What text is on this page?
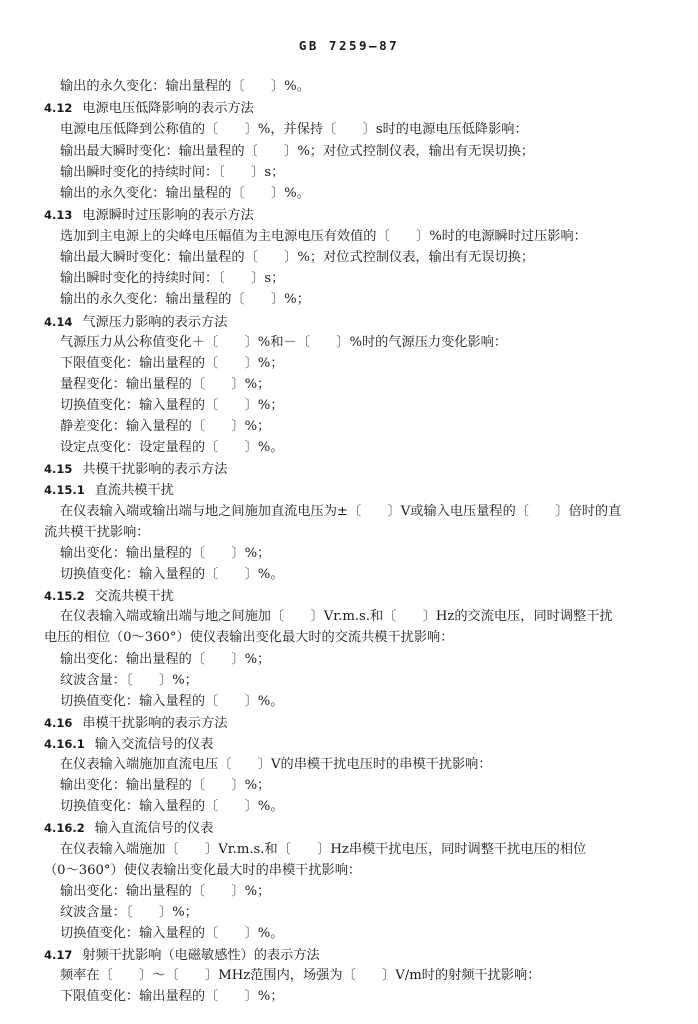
GB 7259—87
输出的永久变化：输出量程的〔　　〕%。
4.12 电源电压低降影响的表示方法
电源电压低降到公称值的〔　　〕%，并保持〔　　〕s时的电源电压低降影响：
输出最大瞬时变化：输出量程的〔　　〕%；对位式控制仪表，输出有无误切换；
输出瞬时变化的持续时间：〔　　〕s；
输出的永久变化：输出量程的〔　　〕%。
4.13 电源瞬时过压影响的表示方法
选加到主电源上的尖峰电压幅值为主电源电压有效值的〔　　〕%时的电源瞬时过压影响：
输出最大瞬时变化：输出量程的〔　　〕%；对位式控制仪表，输出有无误切换；
输出瞬时变化的持续时间：〔　　〕s；
输出的永久变化：输出量程的〔　　〕%；
4.14 气源压力影响的表示方法
气源压力从公称值变化＋〔　　〕%和－〔　　〕%时的气源压力变化影响：
下限值变化：输出量程的〔　　〕%；
量程变化：输出量程的〔　　〕%；
切换值变化：输入量程的〔　　〕%；
静差变化：输入量程的〔　　〕%；
设定点变化：设定量程的〔　　〕%。
4.15 共模干扰影响的表示方法
4.15.1 直流共模干扰
在仪表输入端或输出端与地之间施加直流电压为±〔　　〕V或输入电压量程的〔　　〕倍时的直
流共模干扰影响：
输出变化：输出量程的〔　　〕%；
切换值变化：输入量程的〔　　〕%。
4.15.2 交流共模干扰
在仪表输入端或输出端与地之间施加〔　　〕Vr.m.s.和〔　　〕Hz的交流电压，同时调整干扰
电压的相位（0～360°）使仪表输出变化最大时的交流共模干扰影响：
输出变化：输出量程的〔　　〕%；
纹波含量：〔　　〕%；
切换值变化：输入量程的〔　　〕%。
4.16 串模干扰影响的表示方法
4.16.1 输入交流信号的仪表
在仪表输入端施加直流电压〔　　〕V的串模干扰电压时的串模干扰影响：
输出变化：输出量程的〔　　〕%；
切换值变化：输入量程的〔　　〕%。
4.16.2 输入直流信号的仪表
在仪表输入端施加〔　　〕Vr.m.s.和〔　　〕Hz串模干扰电压，同时调整干扰电压的相位
（0～360°）使仪表输出变化最大时的串模干扰影响：
输出变化：输出量程的〔　　〕%；
纹波含量：〔　　〕%；
切换值变化：输入量程的〔　　〕%。
4.17 射频干扰影响（电磁敏感性）的表示方法
频率在〔　　〕～〔　　〕MHz范围内，场强为〔　　〕V/m时的射频干扰影响：
下限值变化：输出量程的〔　　〕%；
